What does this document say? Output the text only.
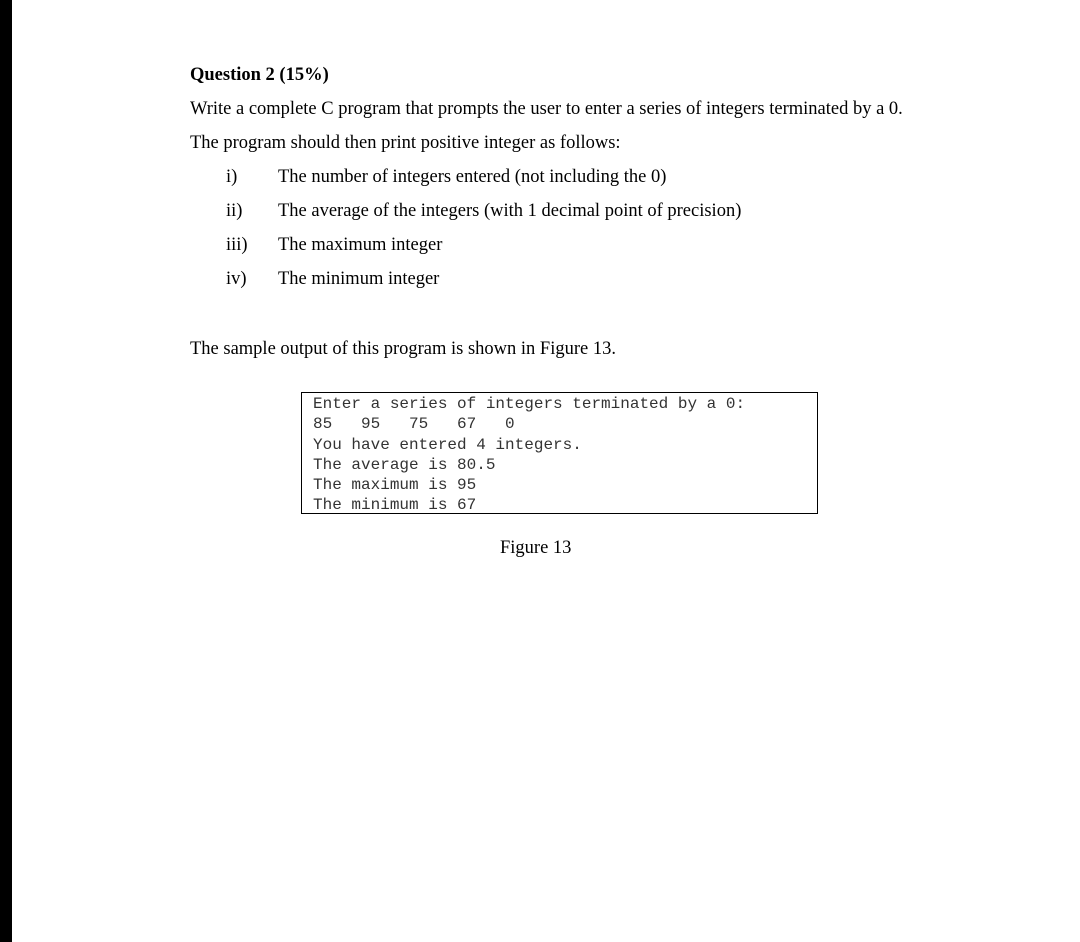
Question 2 (15%)
Write a complete C program that prompts the user to enter a series of integers terminated by a 0.
The program should then print positive integer as follows:
i) The number of integers entered (not including the 0)
ii) The average of the integers (with 1 decimal point of precision)
iii) The maximum integer
iv) The minimum integer
The sample output of this program is shown in Figure 13.
Enter a series of integers terminated by a 0:
85   95   75   67   0
You have entered 4 integers.
The average is 80.5
The maximum is 95
The minimum is 67
Figure 13
